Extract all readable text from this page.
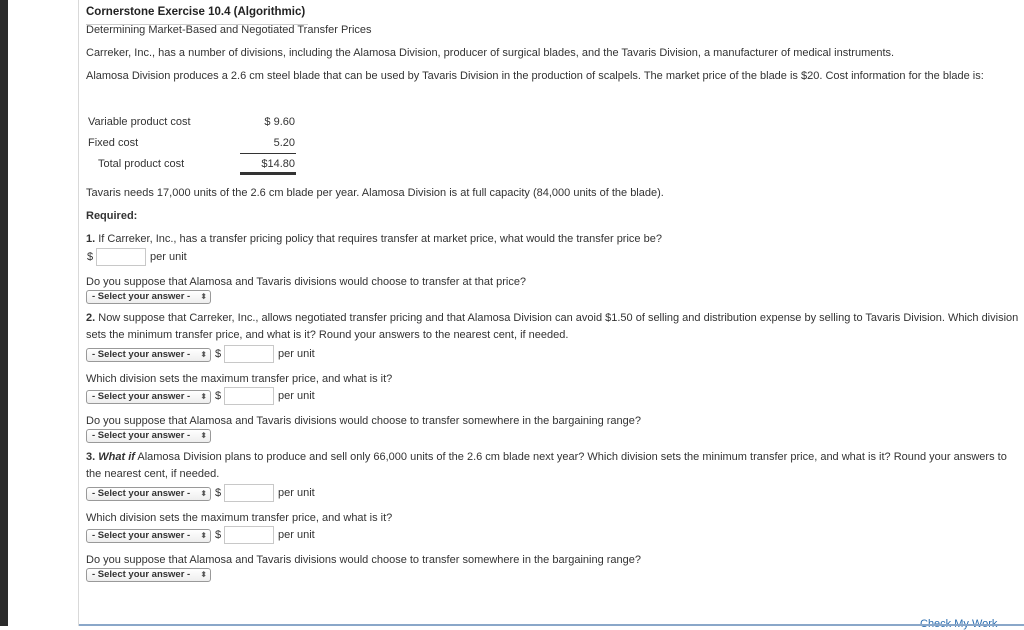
Cornerstone Exercise 10.4 (Algorithmic)
Determining Market-Based and Negotiated Transfer Prices
Carreker, Inc., has a number of divisions, including the Alamosa Division, producer of surgical blades, and the Tavaris Division, a manufacturer of medical instruments.
Alamosa Division produces a 2.6 cm steel blade that can be used by Tavaris Division in the production of scalpels. The market price of the blade is $20. Cost information for the blade is:
Variable product cost	$ 9.60
Fixed cost	5.20
Total product cost	$14.80
Tavaris needs 17,000 units of the 2.6 cm blade per year. Alamosa Division is at full capacity (84,000 units of the blade).
Required:
1. If Carreker, Inc., has a transfer pricing policy that requires transfer at market price, what would the transfer price be?
$	per unit
Do you suppose that Alamosa and Tavaris divisions would choose to transfer at that price?
- Select your answer - ⬍
2. Now suppose that Carreker, Inc., allows negotiated transfer pricing and that Alamosa Division can avoid $1.50 of selling and distribution expense by selling to Tavaris Division. Which division sets the minimum transfer price, and what is it? Round your answers to the nearest cent, if needed.
- Select your answer - ⬍ $	per unit
Which division sets the maximum transfer price, and what is it?
- Select your answer - ⬍ $	per unit
Do you suppose that Alamosa and Tavaris divisions would choose to transfer somewhere in the bargaining range?
- Select your answer - ⬍
3. What if Alamosa Division plans to produce and sell only 66,000 units of the 2.6 cm blade next year? Which division sets the minimum transfer price, and what is it? Round your answers to the nearest cent, if needed.
- Select your answer - ⬍ $	per unit
Which division sets the maximum transfer price, and what is it?
- Select your answer - ⬍ $	per unit
Do you suppose that Alamosa and Tavaris divisions would choose to transfer somewhere in the bargaining range?
- Select your answer - ⬍
